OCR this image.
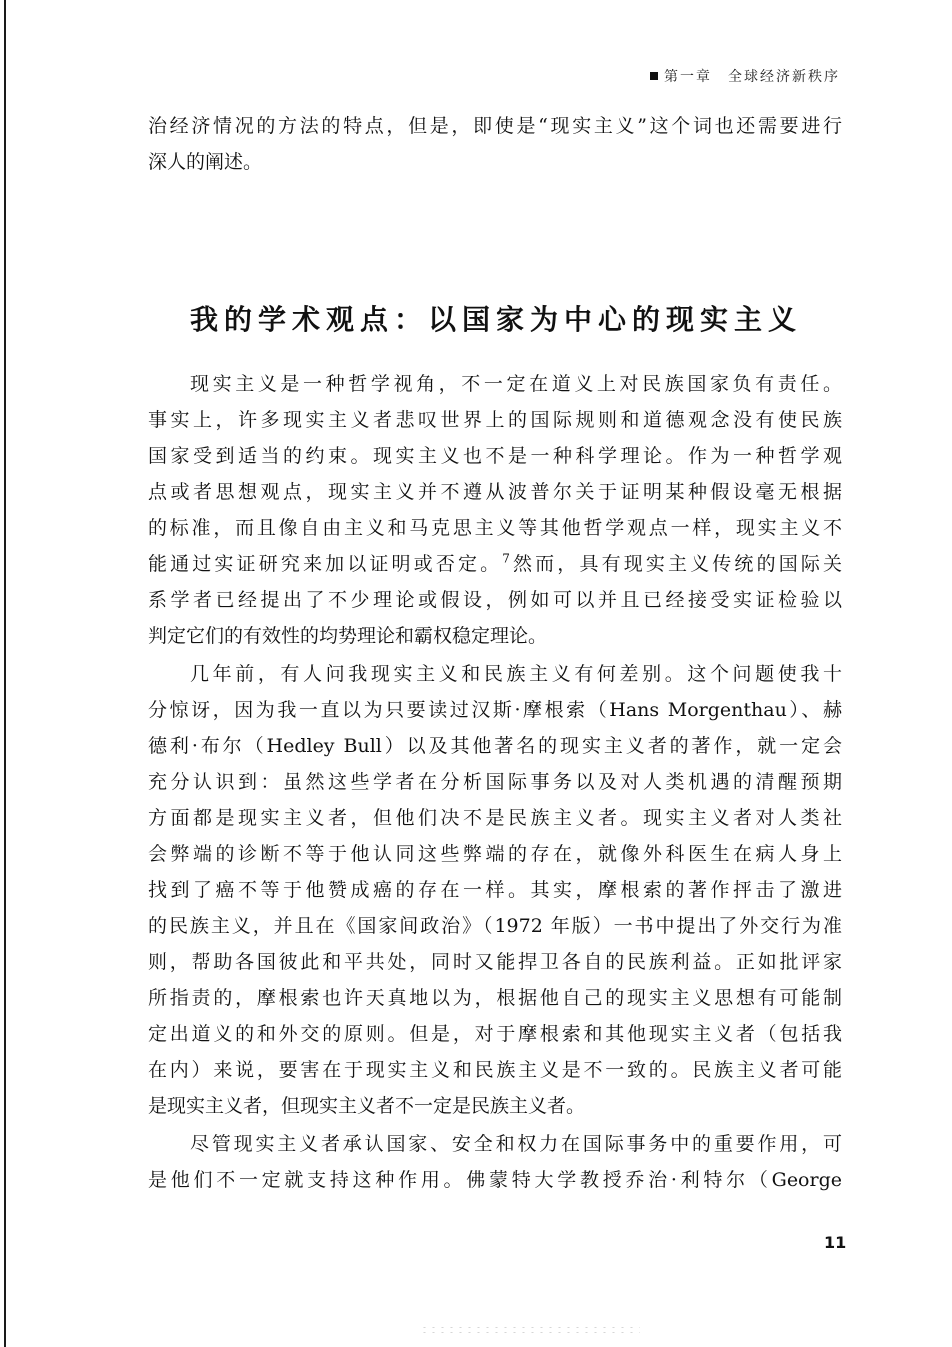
第一章 全球经济新秩序
治经济情况的方法的特点，但是，即使是“现实主义”这个词也还需要进行
深人的阐述。
我的学术观点：以国家为中心的现实主义
现实主义是一种哲学视角，不一定在道义上对民族国家负有责任。
事实上，许多现实主义者悲叹世界上的国际规则和道德观念没有使民族
国家受到适当的约束。现实主义也不是一种科学理论。作为一种哲学观
点或者思想观点，现实主义并不遵从波普尔关于证明某种假设毫无根据
的标准，而且像自由主义和马克思主义等其他哲学观点一样，现实主义不
能通过实证研究来加以证明或否定。$^7$然而，具有现实主义传统的国际关
系学者已经提出了不少理论或假设，例如可以并且已经接受实证检验以
判定它们的有效性的均势理论和霸权稳定理论。
几年前，有人问我现实主义和民族主义有何差别。这个问题使我十
分惊讶，因为我一直以为只要读过汉斯·摩根索（Hans Morgenthau）、赫
德利·布尔（Hedley Bull）以及其他著名的现实主义者的著作，就一定会
充分认识到：虽然这些学者在分析国际事务以及对人类机遇的清醒预期
方面都是现实主义者，但他们决不是民族主义者。现实主义者对人类社
会弊端的诊断不等于他认同这些弊端的存在，就像外科医生在病人身上
找到了癌不等于他赞成癌的存在一样。其实，摩根索的著作抨击了激进
的民族主义，并且在《国家间政治》（1972 年版）一书中提出了外交行为准
则，帮助各国彼此和平共处，同时又能捍卫各自的民族利益。正如批评家
所指责的，摩根索也许天真地以为，根据他自己的现实主义思想有可能制
定出道义的和外交的原则。但是，对于摩根索和其他现实主义者（包括我
在内）来说，要害在于现实主义和民族主义是不一致的。民族主义者可能
是现实主义者，但现实主义者不一定是民族主义者。
尽管现实主义者承认国家、安全和权力在国际事务中的重要作用，可
是他们不一定就支持这种作用。佛蒙特大学教授乔治·利特尔（George
11
